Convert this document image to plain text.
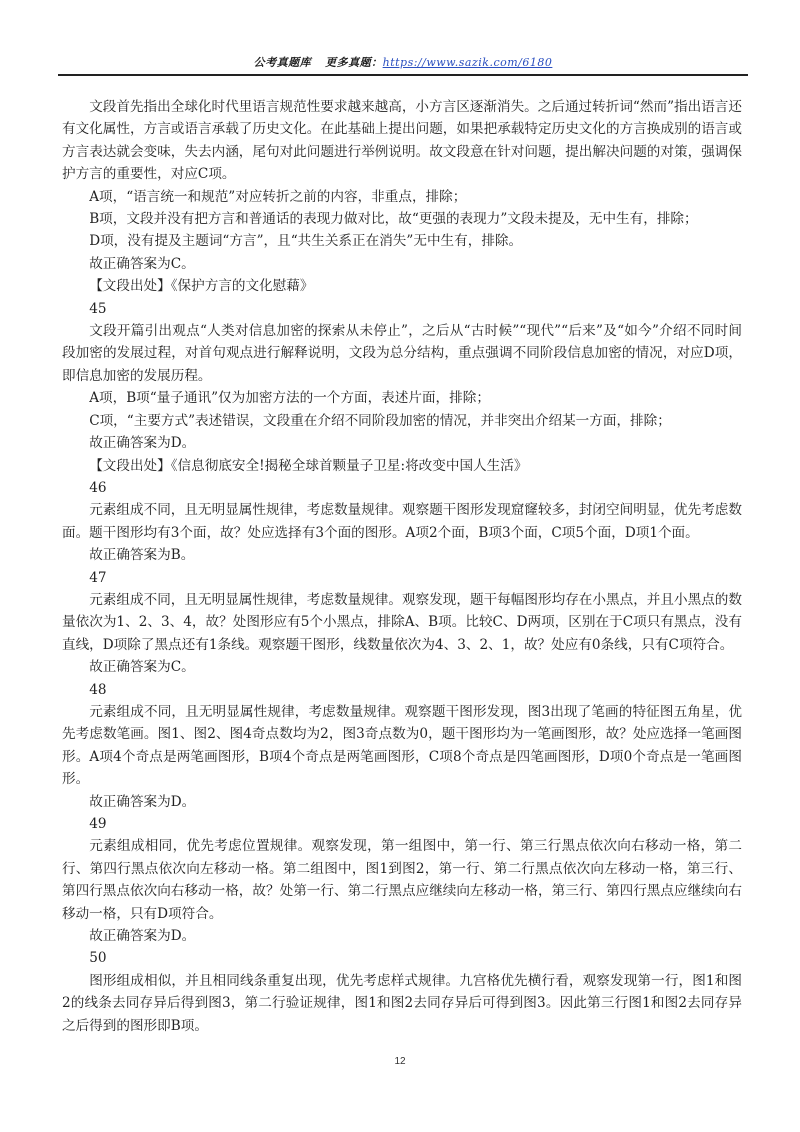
公考真题库 更多真题：https://www.sazik.com/6180

文段首先指出全球化时代里语言规范性要求越来越高，小方言区逐渐消失。之后通过转折词“然而”指出语言还有文化属性，方言或语言承载了历史文化。在此基础上提出问题，如果把承载特定历史文化的方言换成别的语言或方言表达就会变味，失去内涵，尾句对此问题进行举例说明。故文段意在针对问题，提出解决问题的对策，强调保护方言的重要性，对应C项。

A项，“语言统一和规范”对应转折之前的内容，非重点，排除；

B项，文段并没有把方言和普通话的表现力做对比，故“更强的表现力”文段未提及，无中生有，排除；

D项，没有提及主题词“方言”，且“共生关系正在消失”无中生有，排除。

故正确答案为C。

【文段出处】《保护方言的文化慰藉》

45

文段开篇引出观点“人类对信息加密的探索从未停止”，之后从“古时候”“现代”“后来”及“如今”介绍不同时间段加密的发展过程，对首句观点进行解释说明，文段为总分结构，重点强调不同阶段信息加密的情况，对应D项，即信息加密的发展历程。

A项，B项“量子通讯”仅为加密方法的一个方面，表述片面，排除；

C项，“主要方式”表述错误，文段重在介绍不同阶段加密的情况，并非突出介绍某一方面，排除；

故正确答案为D。

【文段出处】《信息彻底安全!揭秘全球首颗量子卫星:将改变中国人生活》

46

元素组成不同，且无明显属性规律，考虑数量规律。观察题干图形发现窟窿较多，封闭空间明显，优先考虑数面。题干图形均有3个面，故？处应选择有3个面的图形。A项2个面，B项3个面，C项5个面，D项1个面。

故正确答案为B。

47

元素组成不同，且无明显属性规律，考虑数量规律。观察发现，题干每幅图形均存在小黑点，并且小黑点的数量依次为1、2、3、4，故？处图形应有5个小黑点，排除A、B项。比较C、D两项，区别在于C项只有黑点，没有直线，D项除了黑点还有1条线。观察题干图形，线数量依次为4、3、2、1，故？处应有0条线，只有C项符合。

故正确答案为C。

48

元素组成不同，且无明显属性规律，考虑数量规律。观察题干图形发现，图3出现了笔画的特征图五角星，优先考虑数笔画。图1、图2、图4奇点数均为2，图3奇点数为0，题干图形均为一笔画图形，故？处应选择一笔画图形。A项4个奇点是两笔画图形，B项4个奇点是两笔画图形，C项8个奇点是四笔画图形，D项0个奇点是一笔画图形。

故正确答案为D。

49

元素组成相同，优先考虑位置规律。观察发现，第一组图中，第一行、第三行黑点依次向右移动一格，第二行、第四行黑点依次向左移动一格。第二组图中，图1到图2，第一行、第二行黑点依次向左移动一格，第三行、第四行黑点依次向右移动一格，故？处第一行、第二行黑点应继续向左移动一格，第三行、第四行黑点应继续向右移动一格，只有D项符合。

故正确答案为D。

50

图形组成相似，并且相同线条重复出现，优先考虑样式规律。九宫格优先横行看，观察发现第一行，图1和图2的线条去同存异后得到图3，第二行验证规律，图1和图2去同存异后可得到图3。因此第三行图1和图2去同存异之后得到的图形即B项。

12
